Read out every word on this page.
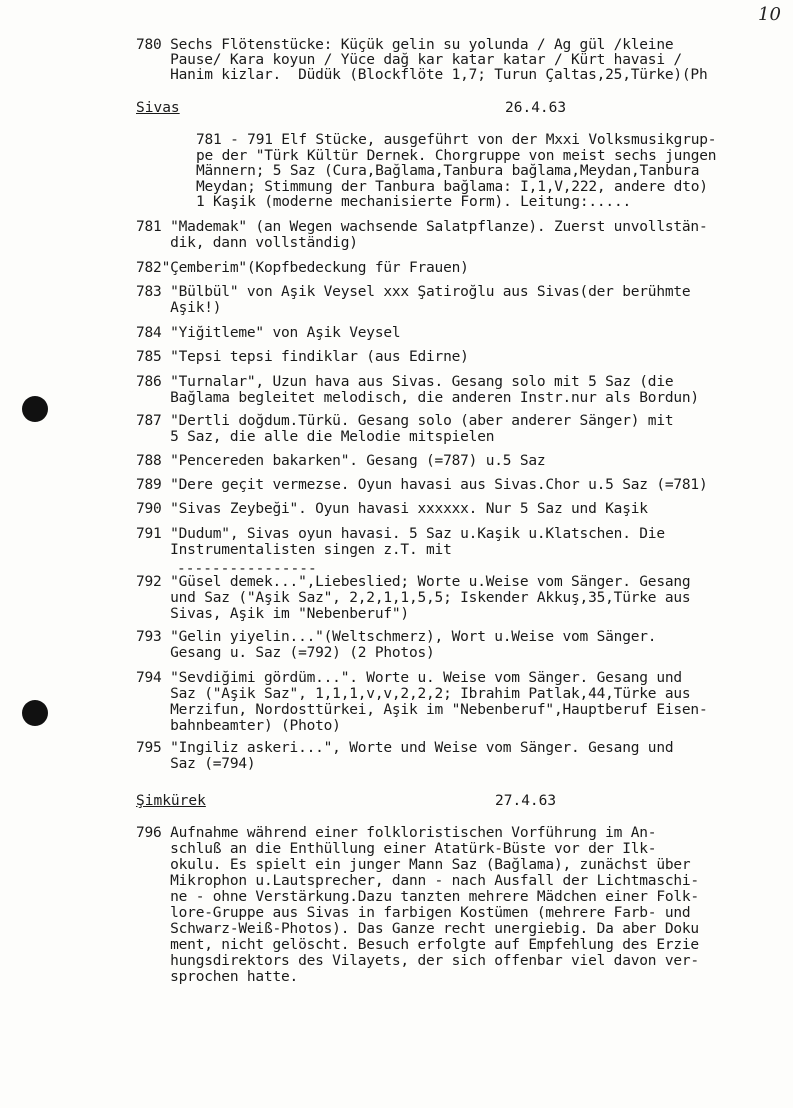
10
780 Sechs Flötenstücke: Küçük gelin su yolunda / Ag gül /kleine
Pause/ Kara koyun / Yüce dağ kar katar katar / Kürt havasi /
Hanim kizlar.  Düdük (Blockflöte 1,7; Turun Çaltas,25,Türke)(Ph
Sivas	26.4.63
781 - 791 Elf Stücke, ausgeführt von der Mxxi Volksmusikgrup-
pe der "Türk Kültür Dernek. Chorgruppe von meist sechs jungen
Männern; 5 Saz (Cura,Bağlama,Tanbura bağlama,Meydan,Tanbura
Meydan; Stimmung der Tanbura bağlama: I,1,V,222, andere dto)
1 Kaşik (moderne mechanisierte Form). Leitung:.....
781 "Mademak" (an Wegen wachsende Salatpflanze). Zuerst unvollstän-
dik, dann vollständig)
782"Çemberim"(Kopfbedeckung für Frauen)
783 "Bülbül" von Aşik Veysel xxx Şatiroğlu aus Sivas(der berühmte
Aşik!)
784 "Yiğitleme" von Aşik Veysel
785 "Tepsi tepsi findiklar (aus Edirne)
786 "Turnalar", Uzun hava aus Sivas. Gesang solo mit 5 Saz (die
Bağlama begleitet melodisch, die anderen Instr.nur als Bordun)
787 "Dertli doğdum.Türkü. Gesang solo (aber anderer Sänger) mit
5 Saz, die alle die Melodie mitspielen
788 "Pencereden bakarken". Gesang (=787) u.5 Saz
789 "Dere geçit vermezse. Oyun havasi aus Sivas.Chor u.5 Saz (=781)
790 "Sivas Zeybeği". Oyun havasi xxxxxx. Nur 5 Saz und Kaşik
791 "Dudum", Sivas oyun havasi. 5 Saz u.Kaşik u.Klatschen. Die
Instrumentalisten singen z.T. mit
----------------
792 "Güsel demek...",Liebeslied; Worte u.Weise vom Sänger. Gesang
und Saz ("Aşik Saz", 2,2,1,1,5,5; Iskender Akkuş,35,Türke aus
Sivas, Aşik im "Nebenberuf")
793 "Gelin yiyelin..."(Weltschmerz), Wort u.Weise vom Sänger.
Gesang u. Saz (=792) (2 Photos)
794 "Sevdiğimi gördüm...". Worte u. Weise vom Sänger. Gesang und
Saz ("Aşik Saz", 1,1,1,v,v,2,2,2; Ibrahim Patlak,44,Türke aus
Merzifun, Nordosttürkei, Aşik im "Nebenberuf",Hauptberuf Eisen-
bahnbeamter) (Photo)
795 "Ingiliz askeri...", Worte und Weise vom Sänger. Gesang und
Saz (=794)
Şimkürek	27.4.63
796 Aufnahme während einer folkloristischen Vorführung im An-
schluß an die Enthüllung einer Atatürk-Büste vor der Ilk-
okulu. Es spielt ein junger Mann Saz (Bağlama), zunächst über
Mikrophon u.Lautsprecher, dann - nach Ausfall der Lichtmaschi-
ne - ohne Verstärkung.Dazu tanzten mehrere Mädchen einer Folk-
lore-Gruppe aus Sivas in farbigen Kostümen (mehrere Farb- und
Schwarz-Weiß-Photos). Das Ganze recht unergiebig. Da aber Doku
ment, nicht gelöscht. Besuch erfolgte auf Empfehlung des Erzie
hungsdirektors des Vilayets, der sich offenbar viel davon ver-
sprochen hatte.
